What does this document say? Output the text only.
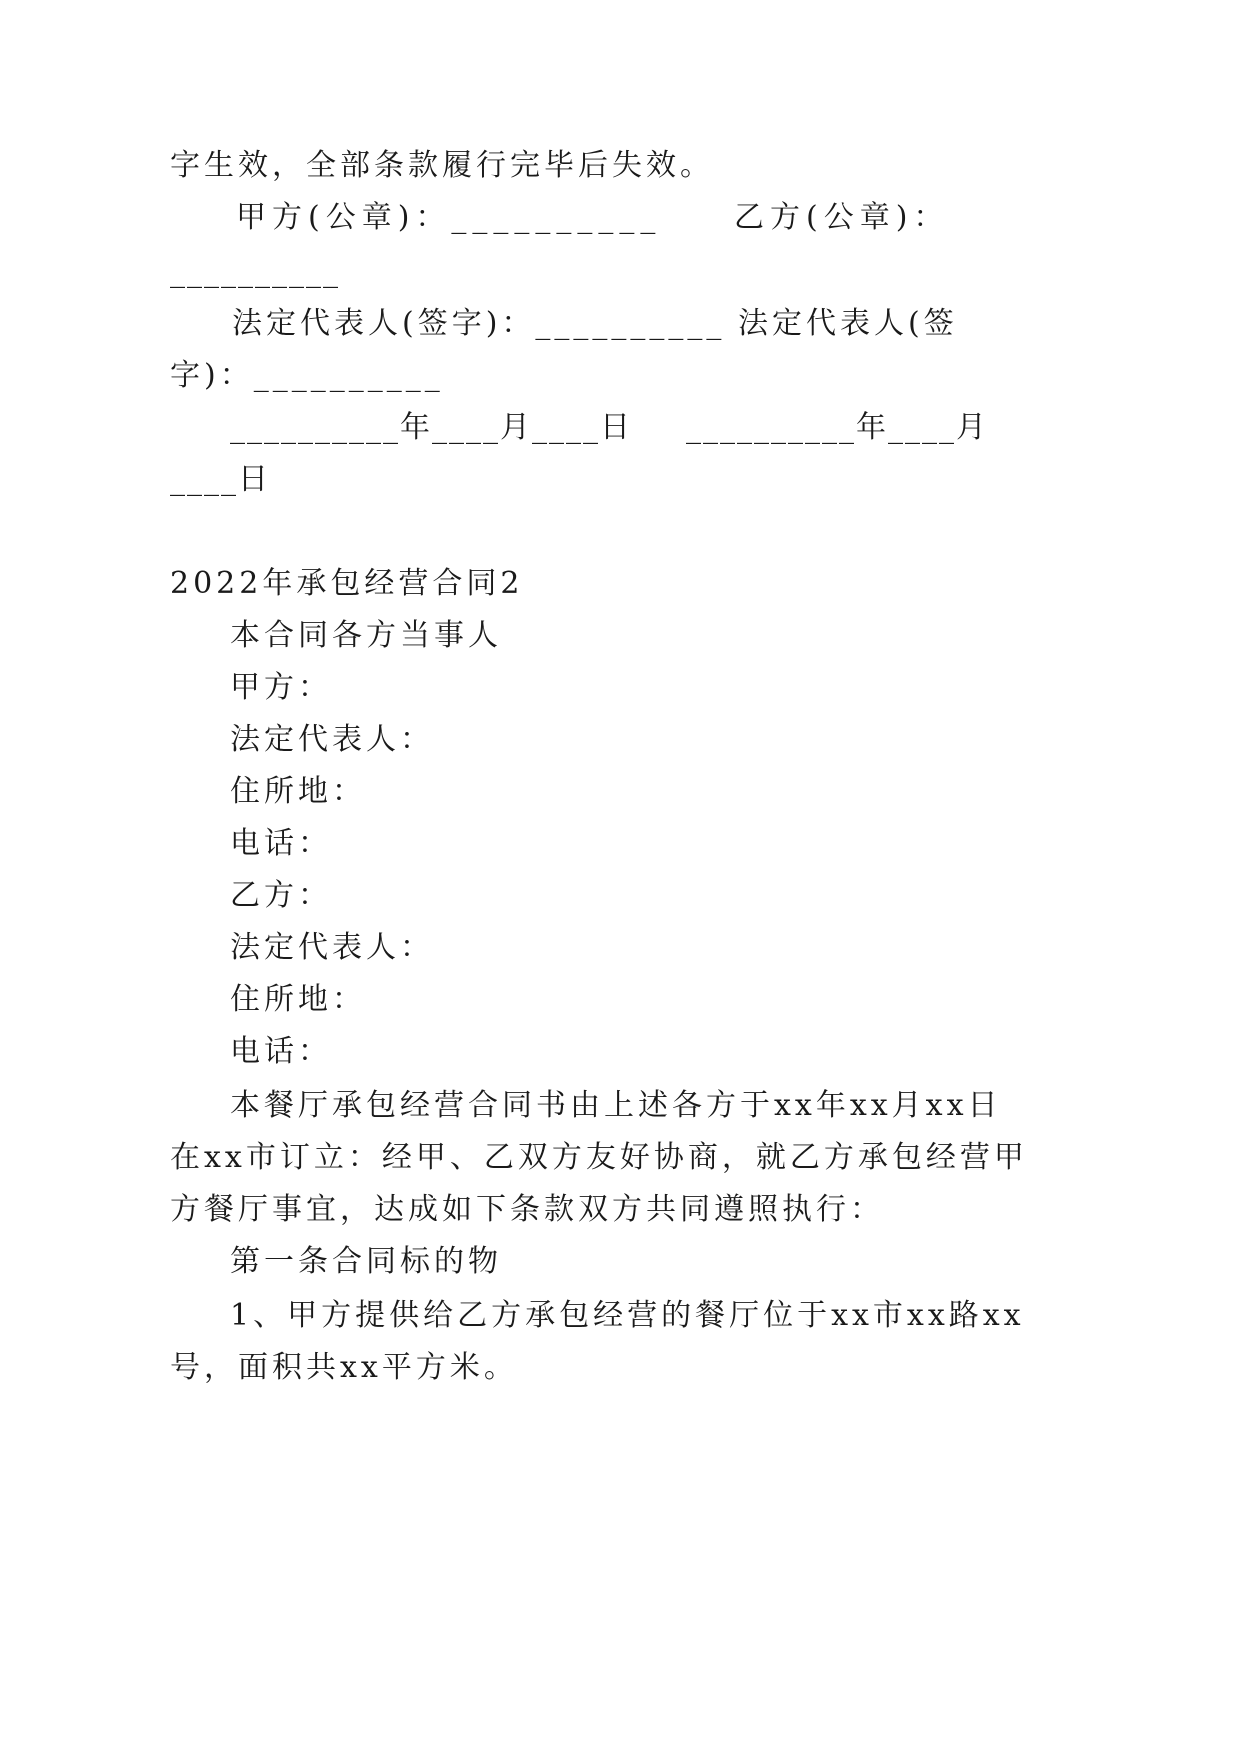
字生效，全部条款履行完毕后失效。
甲方(公章)：__________ 乙方(公章)：
__________
法定代表人(签字)：__________ 法定代表人(签
字)：__________
__________年____月____日 __________年____月
____日
2022年承包经营合同2
本合同各方当事人
甲方：
法定代表人：
住所地：
电话：
乙方：
法定代表人：
住所地：
电话：
本餐厅承包经营合同书由上述各方于xx年xx月xx日
在xx市订立：经甲、乙双方友好协商，就乙方承包经营甲
方餐厅事宜，达成如下条款双方共同遵照执行：
第一条合同标的物
1、甲方提供给乙方承包经营的餐厅位于xx市xx路xx
号，面积共xx平方米。
